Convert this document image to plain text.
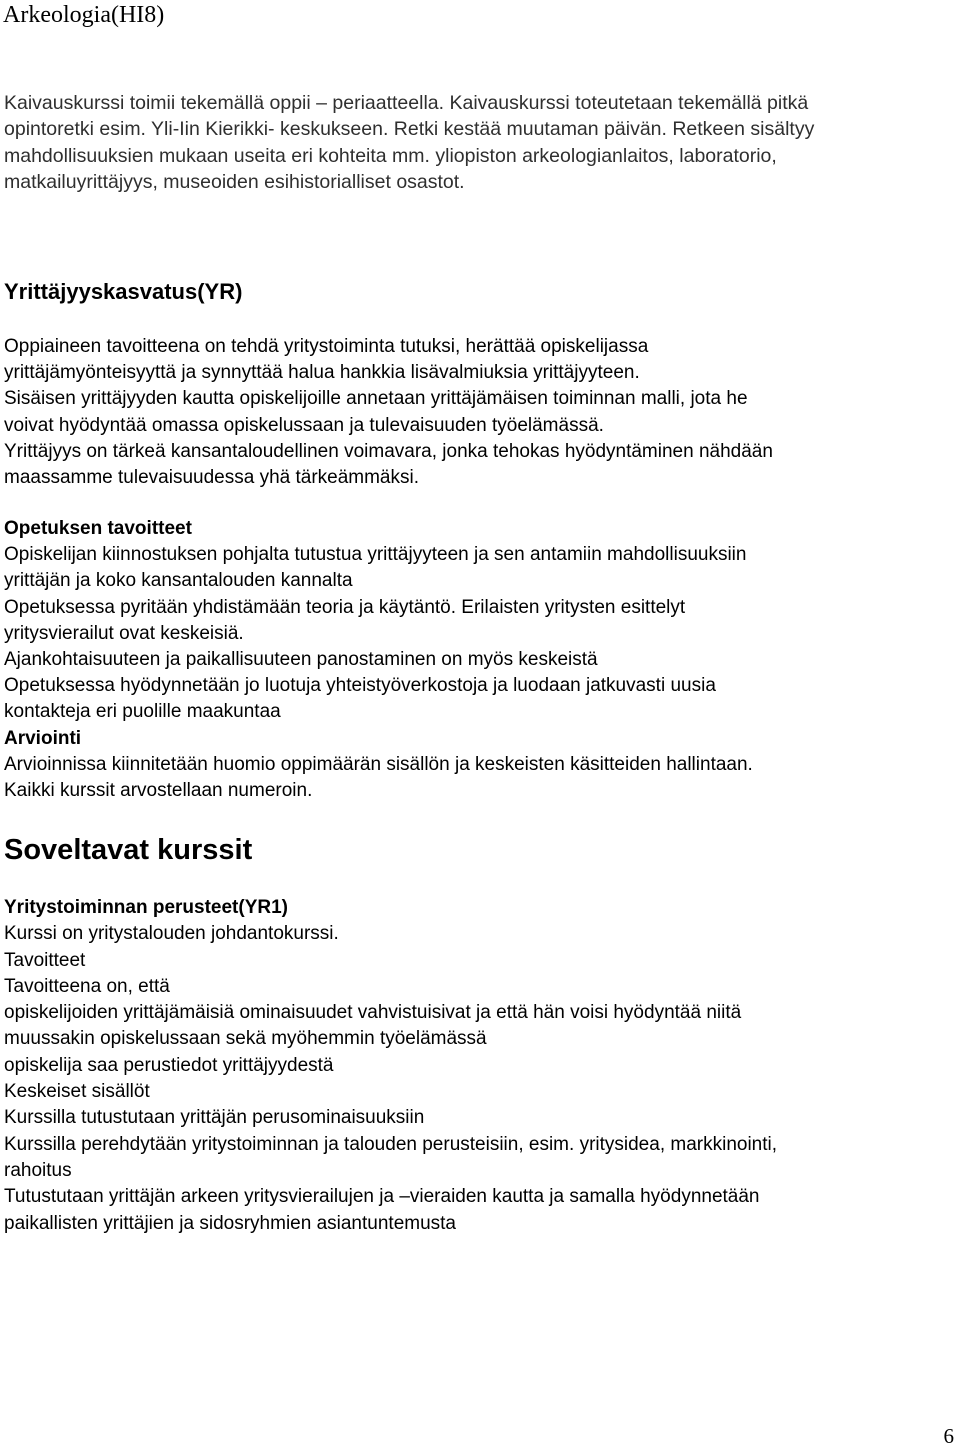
Arkeologia(HI8)
Kaivauskurssi toimii tekemällä oppii – periaatteella. Kaivauskurssi toteutetaan tekemällä pitkä
opintoretki esim. Yli-Iin Kierikki- keskukseen. Retki kestää muutaman päivän. Retkeen sisältyy
mahdollisuuksien mukaan useita eri kohteita mm. yliopiston arkeologianlaitos, laboratorio,
matkailuyrittäjyys, museoiden esihistorialliset osastot.
Yrittäjyyskasvatus(YR)
Oppiaineen tavoitteena on tehdä yritystoiminta tutuksi, herättää opiskelijassa
yrittäjämyönteisyyttä ja synnyttää halua hankkia lisävalmiuksia yrittäjyyteen.
Sisäisen yrittäjyyden kautta opiskelijoille annetaan yrittäjämäisen toiminnan malli, jota he
voivat hyödyntää omassa opiskelussaan ja tulevaisuuden työelämässä.
Yrittäjyys on tärkeä kansantaloudellinen voimavara, jonka tehokas hyödyntäminen nähdään
maassamme tulevaisuudessa yhä tärkeämmäksi.
Opetuksen tavoitteet
Opiskelijan kiinnostuksen pohjalta tutustua yrittäjyyteen ja sen antamiin mahdollisuuksiin
yrittäjän ja koko kansantalouden kannalta
Opetuksessa pyritään yhdistämään teoria ja käytäntö. Erilaisten yritysten esittelyt
yritysvierailut ovat keskeisiä.
Ajankohtaisuuteen ja paikallisuuteen panostaminen on myös keskeistä
Opetuksessa hyödynnetään jo luotuja yhteistyöverkostoja ja luodaan jatkuvasti uusia
kontakteja eri puolille maakuntaa
Arviointi
Arvioinnissa kiinnitetään huomio oppimäärän sisällön ja keskeisten käsitteiden hallintaan.
Kaikki kurssit arvostellaan numeroin.
Soveltavat kurssit
Yritystoiminnan perusteet(YR1)
Kurssi on yritystalouden johdantokurssi.
Tavoitteet
Tavoitteena on, että
opiskelijoiden yrittäjämäisiä ominaisuudet vahvistuisivat ja että hän voisi hyödyntää niitä
muussakin opiskelussaan sekä myöhemmin työelämässä
opiskelija saa perustiedot yrittäjyydestä
Keskeiset sisällöt
Kurssilla tutustutaan yrittäjän perusominaisuuksiin
Kurssilla perehdytään yritystoiminnan ja talouden perusteisiin, esim. yritysidea, markkinointi,
rahoitus
Tutustutaan yrittäjän arkeen yritysvierailujen ja –vieraiden kautta ja samalla hyödynnetään
paikallisten yrittäjien ja sidosryhmien asiantuntemusta
6
